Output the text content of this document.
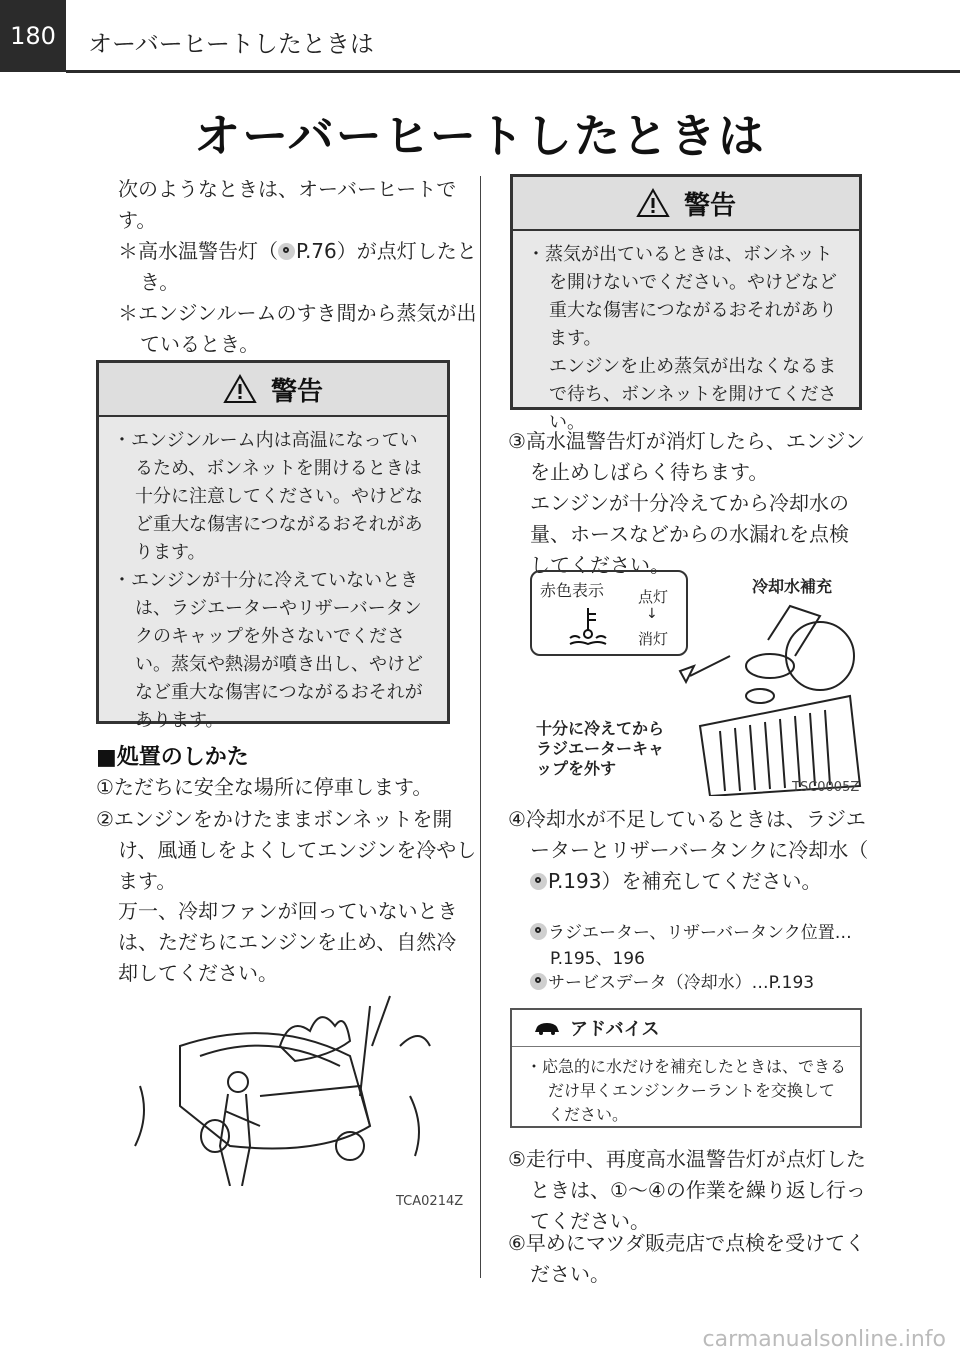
180	オーバーヒートしたときは
オーバーヒートしたときは
次のようなときは、オーバーヒートです。
＊高水温警告灯（ P.76）が点灯したとき。
＊エンジンルームのすき間から蒸気が出ているとき。
警告
・エンジンルーム内は高温になっているため、ボンネットを開けるときは十分に注意してください。やけどなど重大な傷害につながるおそれがあります。
・エンジンが十分に冷えていないときは、ラジエーターやリザーバータンクのキャップを外さないでください。蒸気や熱湯が噴き出し、やけどなど重大な傷害につながるおそれがあります。
■処置のしかた
①ただちに安全な場所に停車します。
②エンジンをかけたままボンネットを開け、風通しをよくしてエンジンを冷やします。
万一、冷却ファンが回っていないときは、ただちにエンジンを止め、自然冷却してください。
TCA0214Z
警告
・蒸気が出ているときは、ボンネットを開けないでください。やけどなど重大な傷害につながるおそれがあります。
エンジンを止め蒸気が出なくなるまで待ち、ボンネットを開けてください。
③高水温警告灯が消灯したら、エンジンを止めしばらく待ちます。
エンジンが十分冷えてから冷却水の量、ホースなどからの水漏れを点検してください。
赤色表示 点灯
↓
消灯
冷却水補充
十分に冷えてから
ラジエーターキャ
ップを外す
TSC0005Z
④冷却水が不足しているときは、ラジエーターとリザーバータンクに冷却水（P.193）を補充してください。
ラジエーター、リザーバータンク位置…P.195、196
サービスデータ（冷却水）…P.193
アドバイス
・応急的に水だけを補充したときは、できるだけ早くエンジンクーラントを交換してください。
⑤走行中、再度高水温警告灯が点灯したときは、①～④の作業を繰り返し行ってください。
⑥早めにマツダ販売店で点検を受けてください。
carmanualsonline.info
